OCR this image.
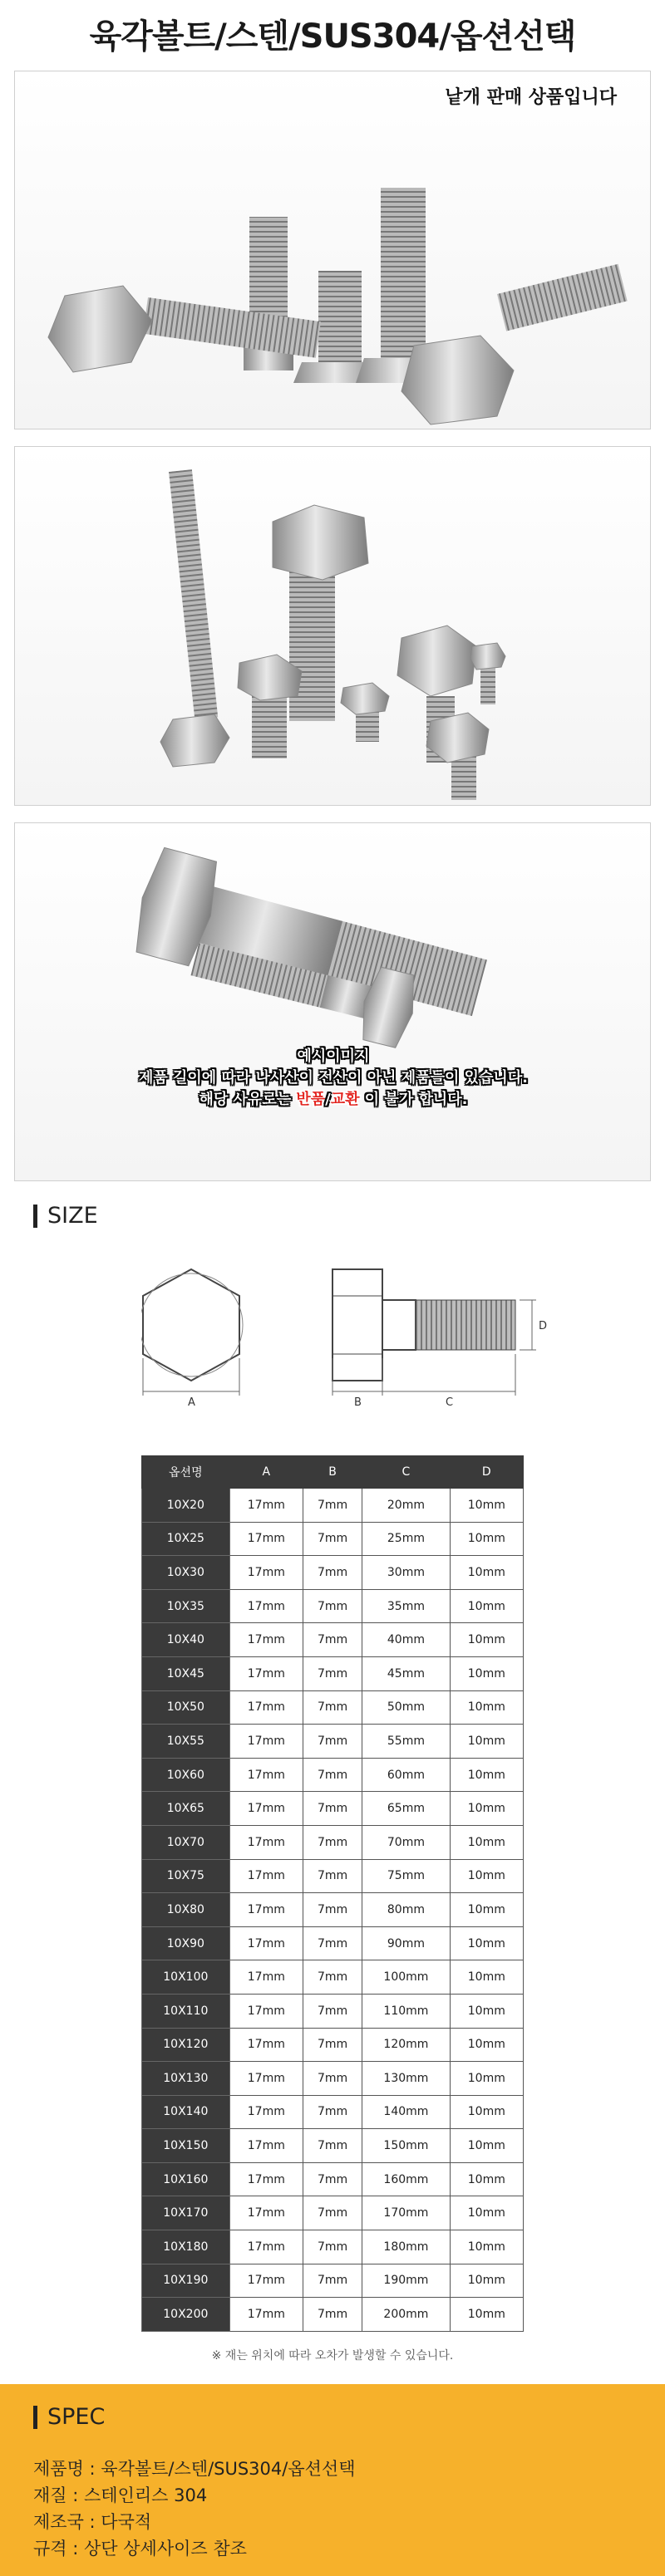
육각볼트/스텐/SUS304/옵션선택
낱개 판매 상품입니다
예시이미지
제품 길이에 따라 나사산이 전산이 아닌 제품들이 있습니다.
해당 사유로는 반품/교환 이 불가 합니다.
SIZE
A	B	C
D
옵션명	A	B	C	D
10X20	17mm	7mm	20mm	10mm
10X25	17mm	7mm	25mm	10mm
10X30	17mm	7mm	30mm	10mm
10X35	17mm	7mm	35mm	10mm
10X40	17mm	7mm	40mm	10mm
10X45	17mm	7mm	45mm	10mm
10X50	17mm	7mm	50mm	10mm
10X55	17mm	7mm	55mm	10mm
10X60	17mm	7mm	60mm	10mm
10X65	17mm	7mm	65mm	10mm
10X70	17mm	7mm	70mm	10mm
10X75	17mm	7mm	75mm	10mm
10X80	17mm	7mm	80mm	10mm
10X90	17mm	7mm	90mm	10mm
10X100	17mm	7mm	100mm	10mm
10X110	17mm	7mm	110mm	10mm
10X120	17mm	7mm	120mm	10mm
10X130	17mm	7mm	130mm	10mm
10X140	17mm	7mm	140mm	10mm
10X150	17mm	7mm	150mm	10mm
10X160	17mm	7mm	160mm	10mm
10X170	17mm	7mm	170mm	10mm
10X180	17mm	7mm	180mm	10mm
10X190	17mm	7mm	190mm	10mm
10X200	17mm	7mm	200mm	10mm
※ 재는 위치에 따라 오차가 발생할 수 있습니다.
SPEC
제품명 : 육각볼트/스텐/SUS304/옵션선택
재질 : 스테인리스 304
제조국 : 다국적
규격 : 상단 상세사이즈 참조
